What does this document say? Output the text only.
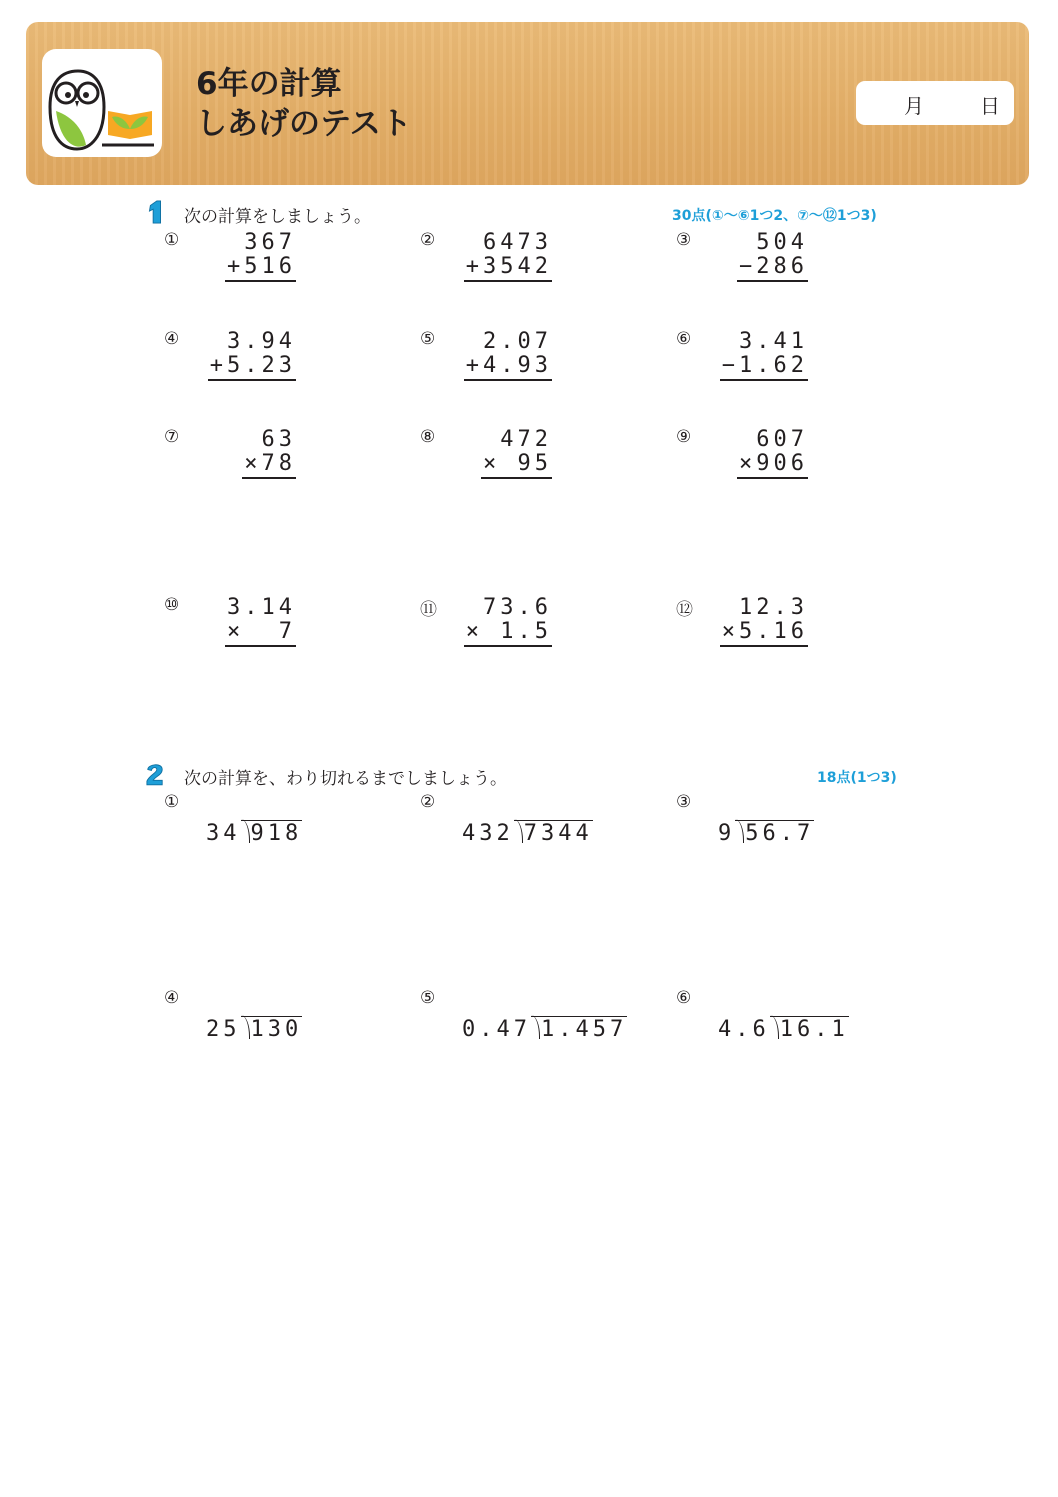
6年の計算
しあげのテスト	月	日
次の計算をしましょう。	30点(①〜⑥1つ2、⑦〜⑫1つ3)
①	367
+516
② 6473
+3542
③	504
−286
④ 3.94
+5.23
⑤ 2.07
+4.93
⑥ 3.41
−1.62
⑦	63
×78
⑧	472
× 95
⑨	607
×906
⑩ 3.14
×  7
⑪ 73.6
× 1.5
⑫ 12.3
×5.16
次の計算を、わり切れるまでしましょう。	18点(1つ3)
①
34 918
②
432 7344
③
9 56.7
④
25 130
⑤
0.47 1.457
⑥
4.6 16.1
